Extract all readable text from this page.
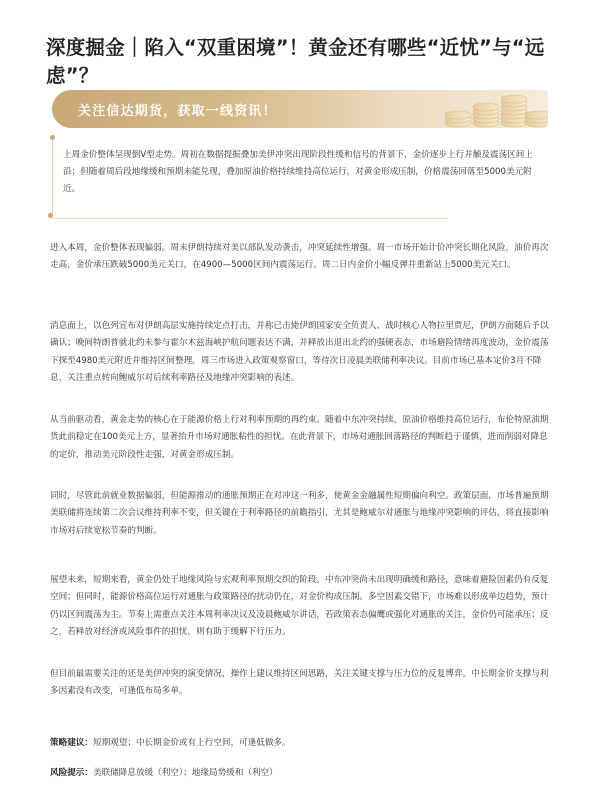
深度掘金｜陷入“双重困境”！黄金还有哪些“近忧”与“远虑”？
关注信达期货，获取一线资讯！

上周金价整体呈现倒V型走势。周初在数据提振叠加美伊冲突出现阶段性缓和信号的背景下，金价逐步上行并触及震荡区间上沿；但随着周后段地缘缓和预期未能兑现，叠加原油价格持续维持高位运行，对黄金形成压制，价格震荡回落至5000美元附近。

进入本周，金价整体表现偏弱。周末伊朗持续对美以部队发动袭击，冲突延续性增强。周一市场开始计价冲突长期化风险，油价再次走高，金价承压跌破5000美元关口，在4900—5000区间内震荡运行。周二日内金价小幅反弹并重新站上5000美元关口。

消息面上，以色列宣布对伊朗高层实施持续定点打击，并称已击毙伊朗国家安全负责人、战时核心人物拉里贾尼，伊朗方面随后予以确认；晚间特朗普就北约未参与霍尔木兹海峡护航问题表达不满，并释放出退出北约的强硬表态，市场避险情绪再度波动，金价震荡下探至4980美元附近并维持区间整理。周三市场进入政策观察窗口，等待次日凌晨美联储利率决议。目前市场已基本定价3月不降息，关注重点转向鲍威尔对后续利率路径及地缘冲突影响的表述。

从当前驱动看，黄金走势的核心在于能源价格上行对利率预期的再约束。随着中东冲突持续，原油价格维持高位运行，布伦特原油期货此前稳定在100美元上方，显著抬升市场对通胀粘性的担忧。在此背景下，市场对通胀回落路径的判断趋于谨慎，进而削弱对降息的定价，推动美元阶段性走强，对黄金形成压制。

同时，尽管此前就业数据偏弱，但能源推动的通胀预期正在对冲这一利多，使黄金金融属性短期偏向利空。政策层面，市场普遍预期美联储将连续第二次会议维持利率不变，但关键在于利率路径的前瞻指引，尤其是鲍威尔对通胀与地缘冲突影响的评估，将直接影响市场对后续宽松节奏的判断。

展望未来，短期来看，黄金仍处于地缘风险与宏观利率预期交织的阶段。中东冲突尚未出现明确缓和路径，意味着避险因素仍有反复空间；但同时，能源价格高位运行对通胀与政策路径的扰动仍在，对金价构成压制。多空因素交错下，市场难以形成单边趋势，预计仍以区间震荡为主。节奏上需重点关注本周利率决议及凌晨鲍威尔讲话，若政策表态偏鹰或强化对通胀的关注，金价仍可能承压；反之，若释放对经济或风险事件的担忧，则有助于缓解下行压力。

但目前最需要关注的还是美伊冲突的演变情况，操作上建议维持区间思路，关注关键支撑与压力位的反复博弈。中长期金价支撑与利多因素没有改变，可逢低布局多单。

策略建议：短期观望；中长期金价或有上行空间，可逢低做多。

风险提示：美联储降息放缓（利空）；地缘局势缓和（利空）
